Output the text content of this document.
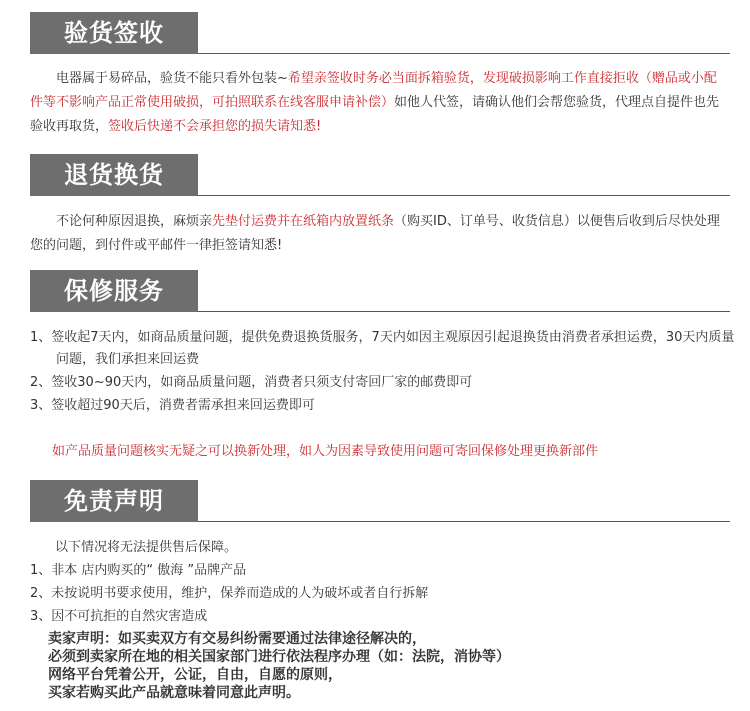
验货签收
电器属于易碎品，验货不能只看外包装~希望亲签收时务必当面拆箱验货，发现破损影响工作直接拒收（赠品或小配件等不影响产品正常使用破损，可拍照联系在线客服申请补偿）如他人代签，请确认他们会帮您验货，代理点自提件也先验收再取货，签收后快递不会承担您的损失请知悉!
退货换货
不论何种原因退换，麻烦亲先垫付运费并在纸箱内放置纸条（购买ID、订单号、收货信息）以便售后收到后尽快处理您的问题，到付件或平邮件一律拒签请知悉!
保修服务
1、签收起7天内，如商品质量问题，提供免费退换货服务，7天内如因主观原因引起退换货由消费者承担运费，30天内质量问题，我们承担来回运费
2、签收30~90天内，如商品质量问题，消费者只须支付寄回厂家的邮费即可
3、签收超过90天后，消费者需承担来回运费即可
如产品质量问题核实无疑之可以换新处理，如人为因素导致使用问题可寄回保修处理更换新部件
免责声明
以下情况将无法提供售后保障。
1、非本 店内购买的“ 傲海 ”品牌产品
2、未按说明书要求使用，维护，保养而造成的人为破坏或者自行拆解
3、因不可抗拒的自然灾害造成
卖家声明：如买卖双方有交易纠纷需要通过法律途径解决的，
必须到卖家所在地的相关国家部门进行依法程序办理（如：法院，消协等）
网络平台凭着公开，公证，自由，自愿的原则，
买家若购买此产品就意味着同意此声明。
